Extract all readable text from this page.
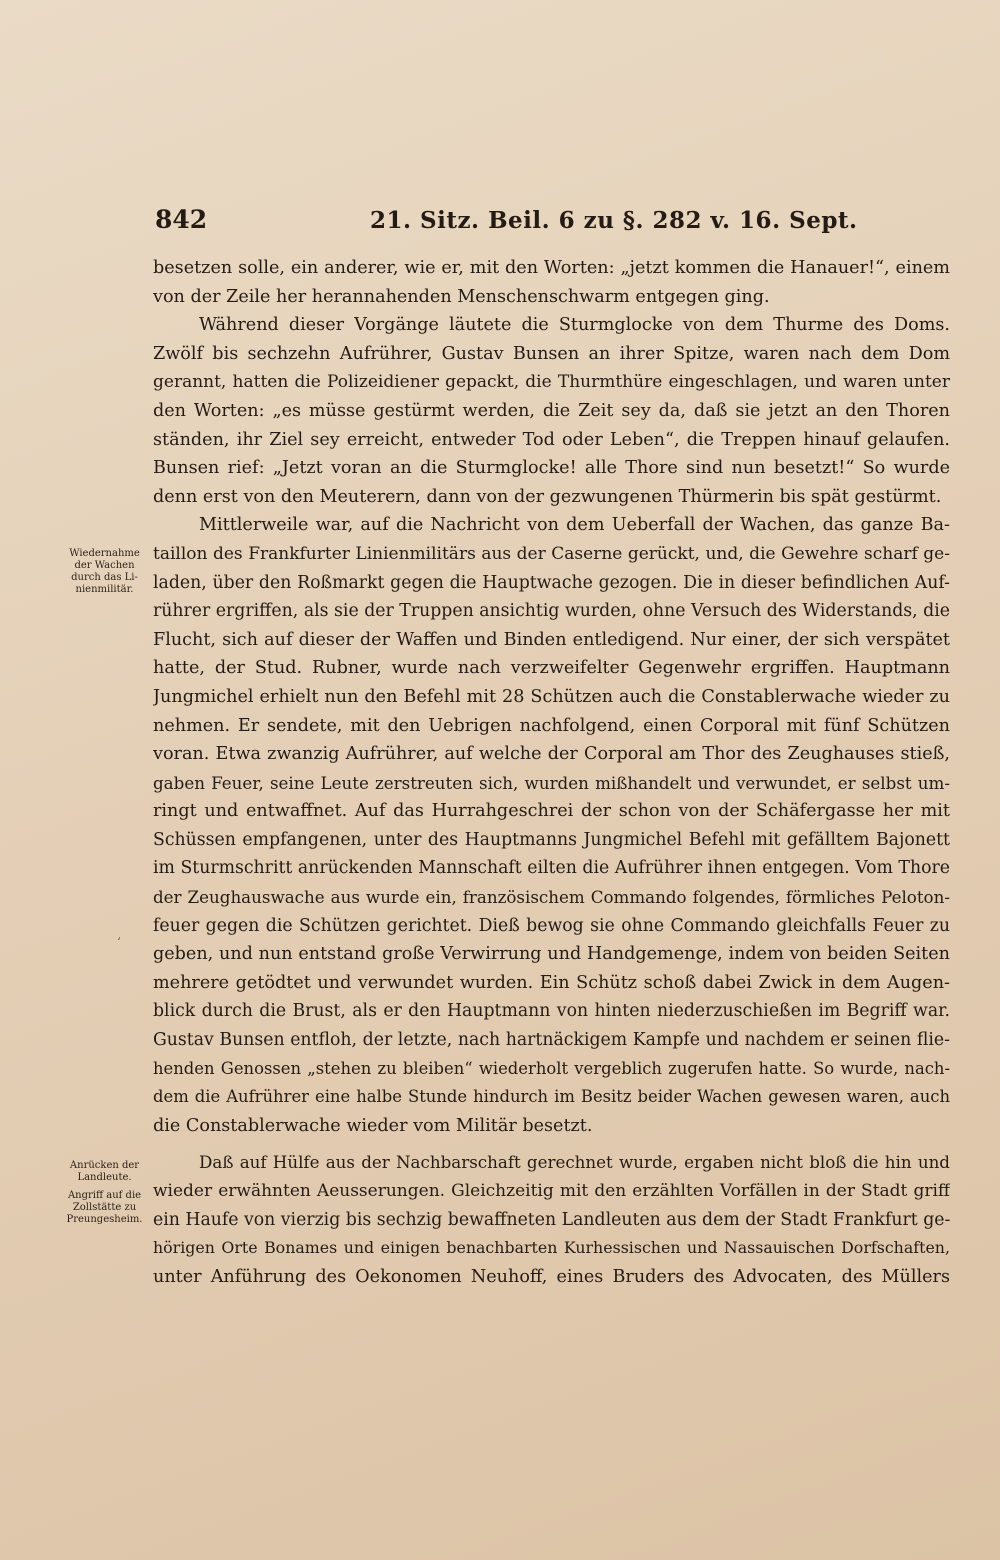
842	21. Sitz. Beil. 6 zu §. 282 v. 16. Sept.
besetzen solle, ein anderer, wie er, mit den Worten: „jetzt kommen die Hanauer!“, einem
von der Zeile her herannahenden Menschenschwarm entgegen ging.
Während dieser Vorgänge läutete die Sturmglocke von dem Thurme des Doms.
Zwölf bis sechzehn Aufrührer, Gustav Bunsen an ihrer Spitze, waren nach dem Dom
gerannt, hatten die Polizeidiener gepackt, die Thurmthüre eingeschlagen, und waren unter
den Worten: „es müsse gestürmt werden, die Zeit sey da, daß sie jetzt an den Thoren
ständen, ihr Ziel sey erreicht, entweder Tod oder Leben“, die Treppen hinauf gelaufen.
Bunsen rief: „Jetzt voran an die Sturmglocke! alle Thore sind nun besetzt!“ So wurde
denn erst von den Meuterern, dann von der gezwungenen Thürmerin bis spät gestürmt.
Mittlerweile war, auf die Nachricht von dem Ueberfall der Wachen, das ganze Ba-
taillon des Frankfurter Linienmilitärs aus der Caserne gerückt, und, die Gewehre scharf ge-
laden, über den Roßmarkt gegen die Hauptwache gezogen. Die in dieser befindlichen Auf-
rührer ergriffen, als sie der Truppen ansichtig wurden, ohne Versuch des Widerstands, die
Flucht, sich auf dieser der Waffen und Binden entledigend. Nur einer, der sich verspätet
hatte, der Stud. Rubner, wurde nach verzweifelter Gegenwehr ergriffen. Hauptmann
Jungmichel erhielt nun den Befehl mit 28 Schützen auch die Constablerwache wieder zu
nehmen. Er sendete, mit den Uebrigen nachfolgend, einen Corporal mit fünf Schützen
voran. Etwa zwanzig Aufrührer, auf welche der Corporal am Thor des Zeughauses stieß,
gaben Feuer, seine Leute zerstreuten sich, wurden mißhandelt und verwundet, er selbst um-
ringt und entwaffnet. Auf das Hurrahgeschrei der schon von der Schäfergasse her mit
Schüssen empfangenen, unter des Hauptmanns Jungmichel Befehl mit gefälltem Bajonett
im Sturmschritt anrückenden Mannschaft eilten die Aufrührer ihnen entgegen. Vom Thore
der Zeughauswache aus wurde ein, französischem Commando folgendes, förmliches Peloton-
feuer gegen die Schützen gerichtet. Dieß bewog sie ohne Commando gleichfalls Feuer zu
geben, und nun entstand große Verwirrung und Handgemenge, indem von beiden Seiten
mehrere getödtet und verwundet wurden. Ein Schütz schoß dabei Zwick in dem Augen-
blick durch die Brust, als er den Hauptmann von hinten niederzuschießen im Begriff war.
Gustav Bunsen entfloh, der letzte, nach hartnäckigem Kampfe und nachdem er seinen flie-
henden Genossen „stehen zu bleiben“ wiederholt vergeblich zugerufen hatte. So wurde, nach-
dem die Aufrührer eine halbe Stunde hindurch im Besitz beider Wachen gewesen waren, auch
die Constablerwache wieder vom Militär besetzt.
Daß auf Hülfe aus der Nachbarschaft gerechnet wurde, ergaben nicht bloß die hin und
wieder erwähnten Aeusserungen. Gleichzeitig mit den erzählten Vorfällen in der Stadt griff
ein Haufe von vierzig bis sechzig bewaffneten Landleuten aus dem der Stadt Frankfurt ge-
hörigen Orte Bonames und einigen benachbarten Kurhessischen und Nassauischen Dorfschaften,
unter Anführung des Oekonomen Neuhoff, eines Bruders des Advocaten, des Müllers
Wiedernahme
der Wachen
durch das Li-
nienmilitär.
‘
Anrücken der
Landleute.
Angriff auf die
Zollstätte zu
Preungesheim.
